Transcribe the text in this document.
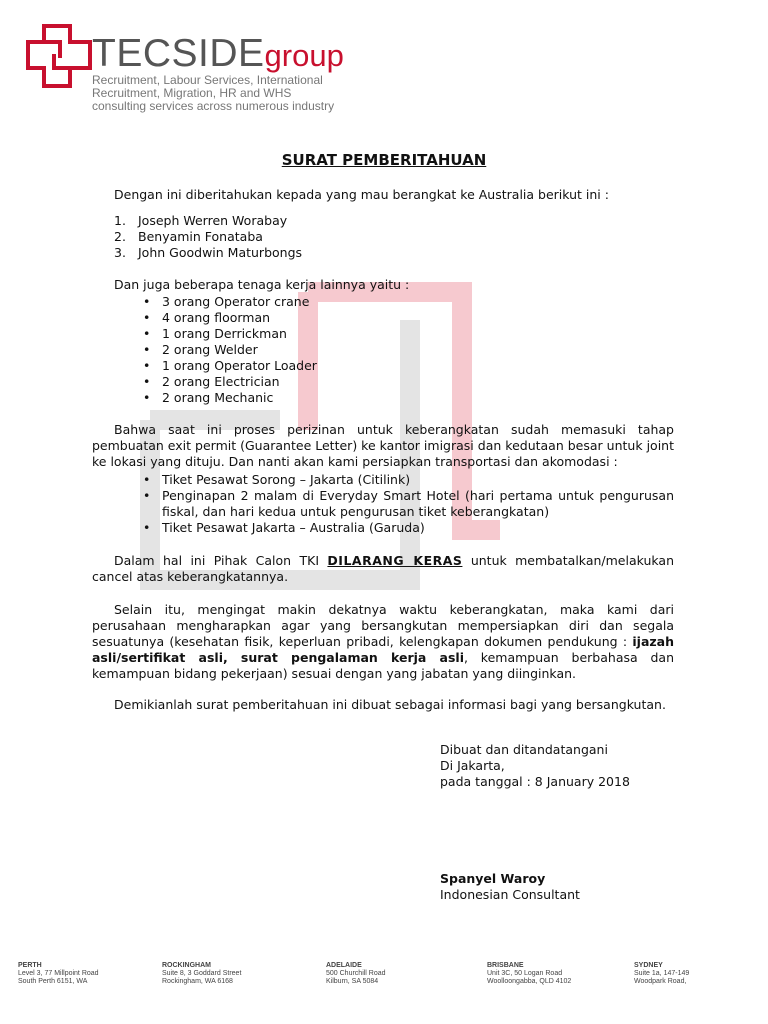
TECSIDEgroup
Recruitment, Labour Services, International
Recruitment, Migration, HR and WHS
consulting services across numerous industry
SURAT PEMBERITAHUAN
Dengan ini diberitahukan kepada yang mau berangkat ke Australia berikut ini :
1. Joseph Werren Worabay
2. Benyamin Fonataba
3. John Goodwin Maturbongs
Dan juga beberapa tenaga kerja lainnya yaitu :
• 3 orang Operator crane
• 4 orang floorman
• 1 orang Derrickman
• 2 orang Welder
• 1 orang Operator Loader
• 2 orang Electrician
• 2 orang Mechanic

Bahwa saat ini proses perizinan untuk keberangkatan sudah memasuki tahap pembuatan exit permit (Guarantee Letter) ke kantor imigrasi dan kedutaan besar untuk joint ke lokasi yang dituju. Dan nanti akan kami persiapkan transportasi dan akomodasi :

• Tiket Pesawat Sorong – Jakarta (Citilink)
• Penginapan 2 malam di Everyday Smart Hotel (hari pertama untuk pengurusan fiskal, dan hari kedua untuk pengurusan tiket keberangkatan)
• Tiket Pesawat Jakarta – Australia (Garuda)

Dalam hal ini Pihak Calon TKI DILARANG KERAS untuk membatalkan/melakukan cancel atas keberangkatannya.

Selain itu, mengingat makin dekatnya waktu keberangkatan, maka kami dari perusahaan mengharapkan agar yang bersangkutan mempersiapkan diri dan segala sesuatunya (kesehatan fisik, keperluan pribadi, kelengkapan dokumen pendukung : ijazah asli/sertifikat asli, surat pengalaman kerja asli, kemampuan berbahasa dan kemampuan bidang pekerjaan) sesuai dengan yang jabatan yang diinginkan.

Demikianlah surat pemberitahuan ini dibuat sebagai informasi bagi yang bersangkutan.
Dibuat dan ditandatangani
Di Jakarta,
pada tanggal : 8 January 2018
Spanyel Waroy
Indonesian Consultant
PERTH
Level 3, 77 Millpoint Road
South Perth 6151, WA
ROCKINGHAM
Suite 8, 3 Goddard Street
Rockingham, WA 6168
ADELAIDE
500 Churchill Road
Kilburn, SA 5084
BRISBANE
Unit 3C, 50 Logan Road
Woolloongabba, QLD 4102
SYDNEY
Suite 1a, 147-149
Woodpark Road,
